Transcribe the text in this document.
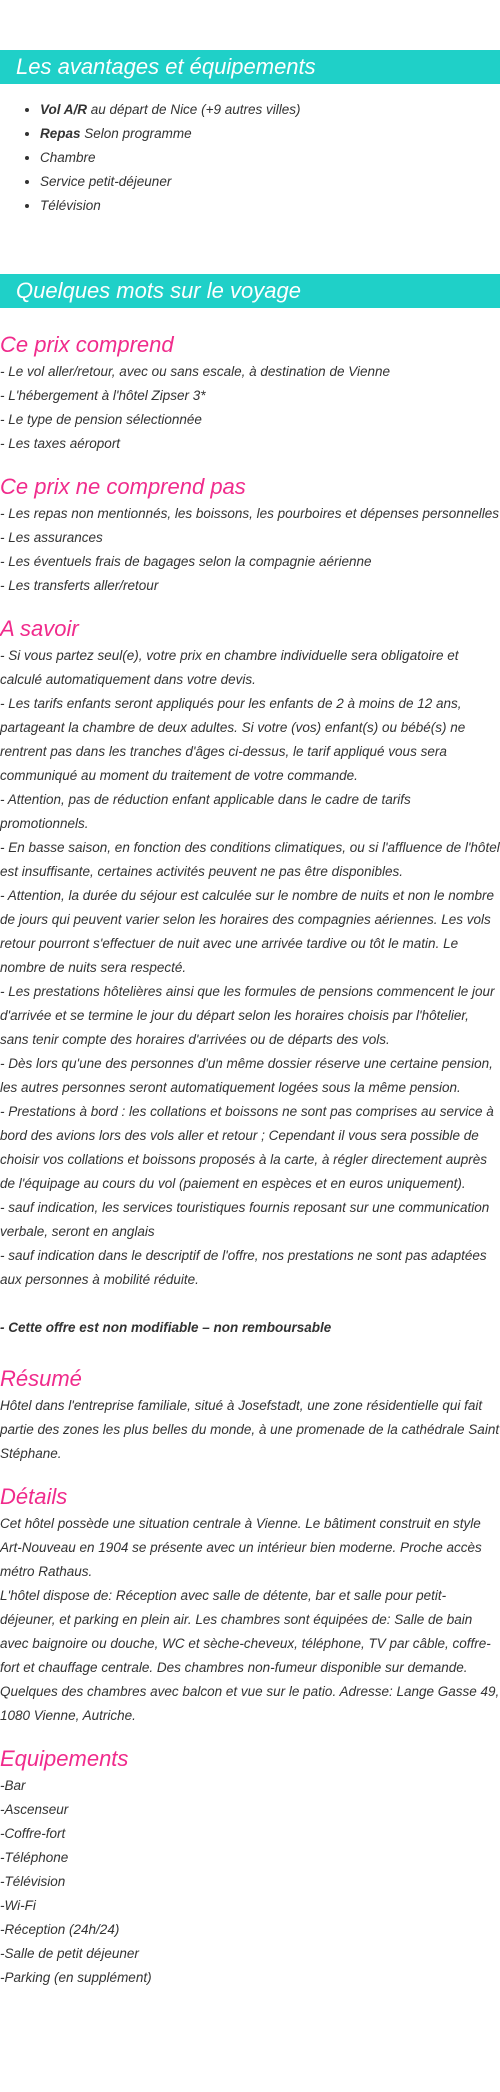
Les avantages et équipements
• Vol A/R au départ de Nice (+9 autres villes)
• Repas Selon programme
• Chambre
• Service petit-déjeuner
• Télévision
Quelques mots sur le voyage
Ce prix comprend

- Le vol aller/retour, avec ou sans escale, à destination de Vienne

- L'hébergement à l'hôtel Zipser 3*

- Le type de pension sélectionnée

- Les taxes aéroport

Ce prix ne comprend pas

- Les repas non mentionnés, les boissons, les pourboires et dépenses personnelles

- Les assurances

- Les éventuels frais de bagages selon la compagnie aérienne

- Les transferts aller/retour

A savoir

- Si vous partez seul(e), votre prix en chambre individuelle sera obligatoire et calculé automatiquement dans votre devis.

- Les tarifs enfants seront appliqués pour les enfants de 2 à moins de 12 ans, partageant la chambre de deux adultes. Si votre (vos) enfant(s) ou bébé(s) ne rentrent pas dans les tranches d'âges ci-dessus, le tarif appliqué vous sera communiqué au moment du traitement de votre commande.

- Attention, pas de réduction enfant applicable dans le cadre de tarifs promotionnels.

- En basse saison, en fonction des conditions climatiques, ou si l'affluence de l'hôtel est insuffisante, certaines activités peuvent ne pas être disponibles.

- Attention, la durée du séjour est calculée sur le nombre de nuits et non le nombre de jours qui peuvent varier selon les horaires des compagnies aériennes. Les vols retour pourront s'effectuer de nuit avec une arrivée tardive ou tôt le matin. Le nombre de nuits sera respecté.

- Les prestations hôtelières ainsi que les formules de pensions commencent le jour d'arrivée et se termine le jour du départ selon les horaires choisis par l'hôtelier, sans tenir compte des horaires d'arrivées ou de départs des vols.

- Dès lors qu'une des personnes d'un même dossier réserve une certaine pension, les autres personnes seront automatiquement logées sous la même pension.

- Prestations à bord : les collations et boissons ne sont pas comprises au service à bord des avions lors des vols aller et retour ; Cependant il vous sera possible de choisir vos collations et boissons proposés à la carte, à régler directement auprès de l'équipage au cours du vol (paiement en espèces et en euros uniquement).

- sauf indication, les services touristiques fournis reposant sur une communication verbale, seront en anglais

- sauf indication dans le descriptif de l'offre, nos prestations ne sont pas adaptées aux personnes à mobilité réduite.

- Cette offre est non modifiable – non remboursable

Résumé

Hôtel dans l'entreprise familiale, situé à Josefstadt, une zone résidentielle qui fait partie des zones les plus belles du monde, à une promenade de la cathédrale Saint Stéphane.

Détails

Cet hôtel possède une situation centrale à Vienne. Le bâtiment construit en style Art-Nouveau en 1904 se présente avec un intérieur bien moderne. Proche accès métro Rathaus.

L'hôtel dispose de: Réception avec salle de détente, bar et salle pour petit-déjeuner, et parking en plein air. Les chambres sont équipées de: Salle de bain avec baignoire ou douche, WC et sèche-cheveux, téléphone, TV par câble, coffre-fort et chauffage centrale. Des chambres non-fumeur disponible sur demande. Quelques des chambres avec balcon et vue sur le patio. Adresse: Lange Gasse 49, 1080 Vienne, Autriche.

Equipements

-Bar

-Ascenseur

-Coffre-fort

-Téléphone

-Télévision

-Wi-Fi

-Réception (24h/24)

-Salle de petit déjeuner

-Parking (en supplément)
